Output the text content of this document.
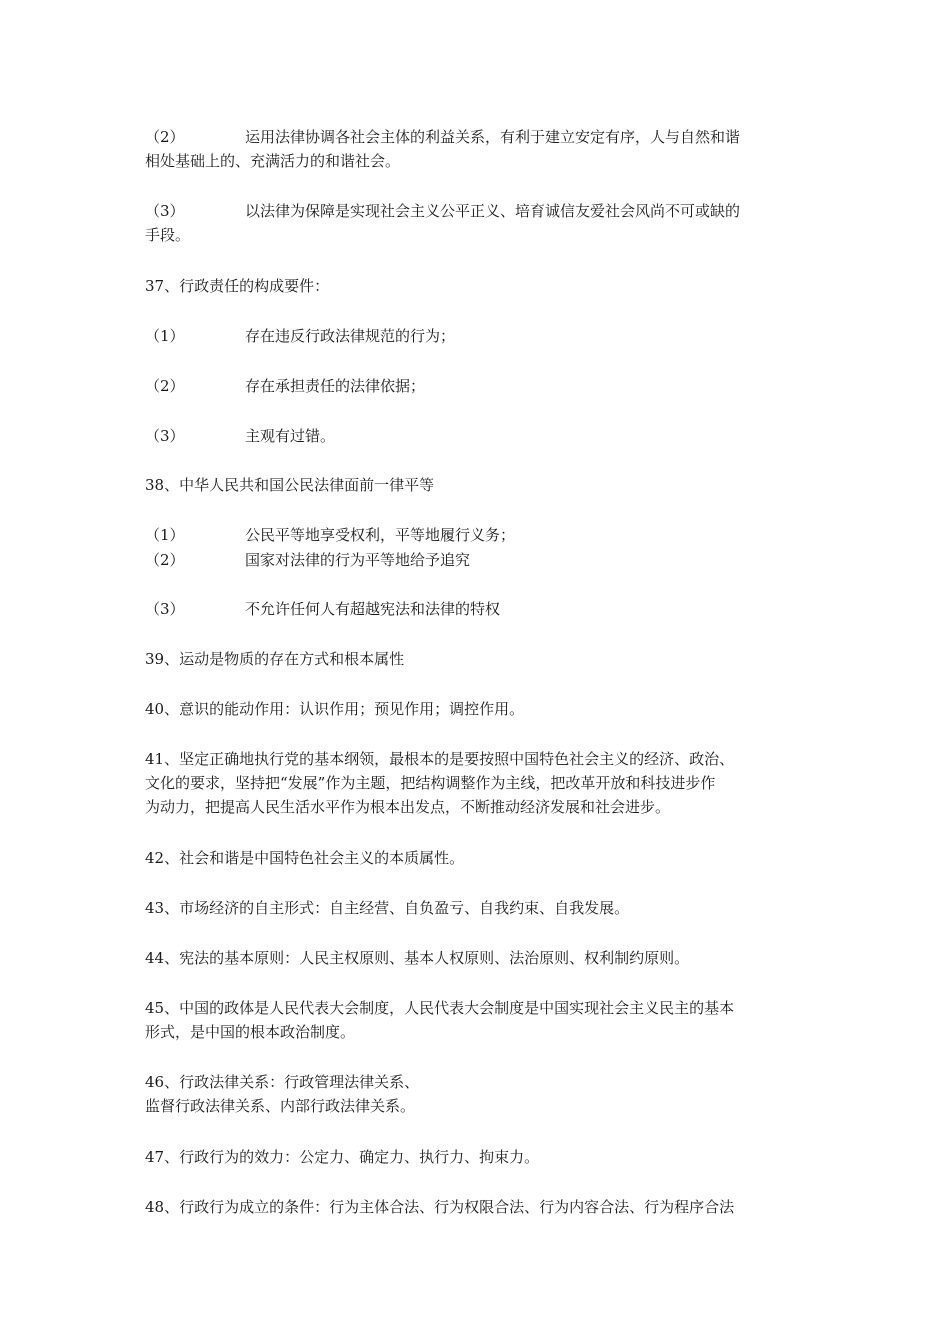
（2）	运用法律协调各社会主体的利益关系，有利于建立安定有序，人与自然和谐
相处基础上的、充满活力的和谐社会。
（3）	以法律为保障是实现社会主义公平正义、培育诚信友爱社会风尚不可或缺的
手段。
37、行政责任的构成要件：
（1）	存在违反行政法律规范的行为；
（2）	存在承担责任的法律依据；
（3）	主观有过错。
38、中华人民共和国公民法律面前一律平等
（1）	公民平等地享受权利，平等地履行义务；
（2）	国家对法律的行为平等地给予追究
（3）	不允许任何人有超越宪法和法律的特权
39、运动是物质的存在方式和根本属性
40、意识的能动作用：认识作用；预见作用；调控作用。
41、坚定正确地执行党的基本纲领，最根本的是要按照中国特色社会主义的经济、政治、
文化的要求，坚持把“发展”作为主题，把结构调整作为主线，把改革开放和科技进步作
为动力，把提高人民生活水平作为根本出发点，不断推动经济发展和社会进步。
42、社会和谐是中国特色社会主义的本质属性。
43、市场经济的自主形式：自主经营、自负盈亏、自我约束、自我发展。
44、宪法的基本原则：人民主权原则、基本人权原则、法治原则、权利制约原则。
45、中国的政体是人民代表大会制度，人民代表大会制度是中国实现社会主义民主的基本
形式，是中国的根本政治制度。
46、行政法律关系：行政管理法律关系、
监督行政法律关系、内部行政法律关系。
47、行政行为的效力：公定力、确定力、执行力、拘束力。
48、行政行为成立的条件：行为主体合法、行为权限合法、行为内容合法、行为程序合法
